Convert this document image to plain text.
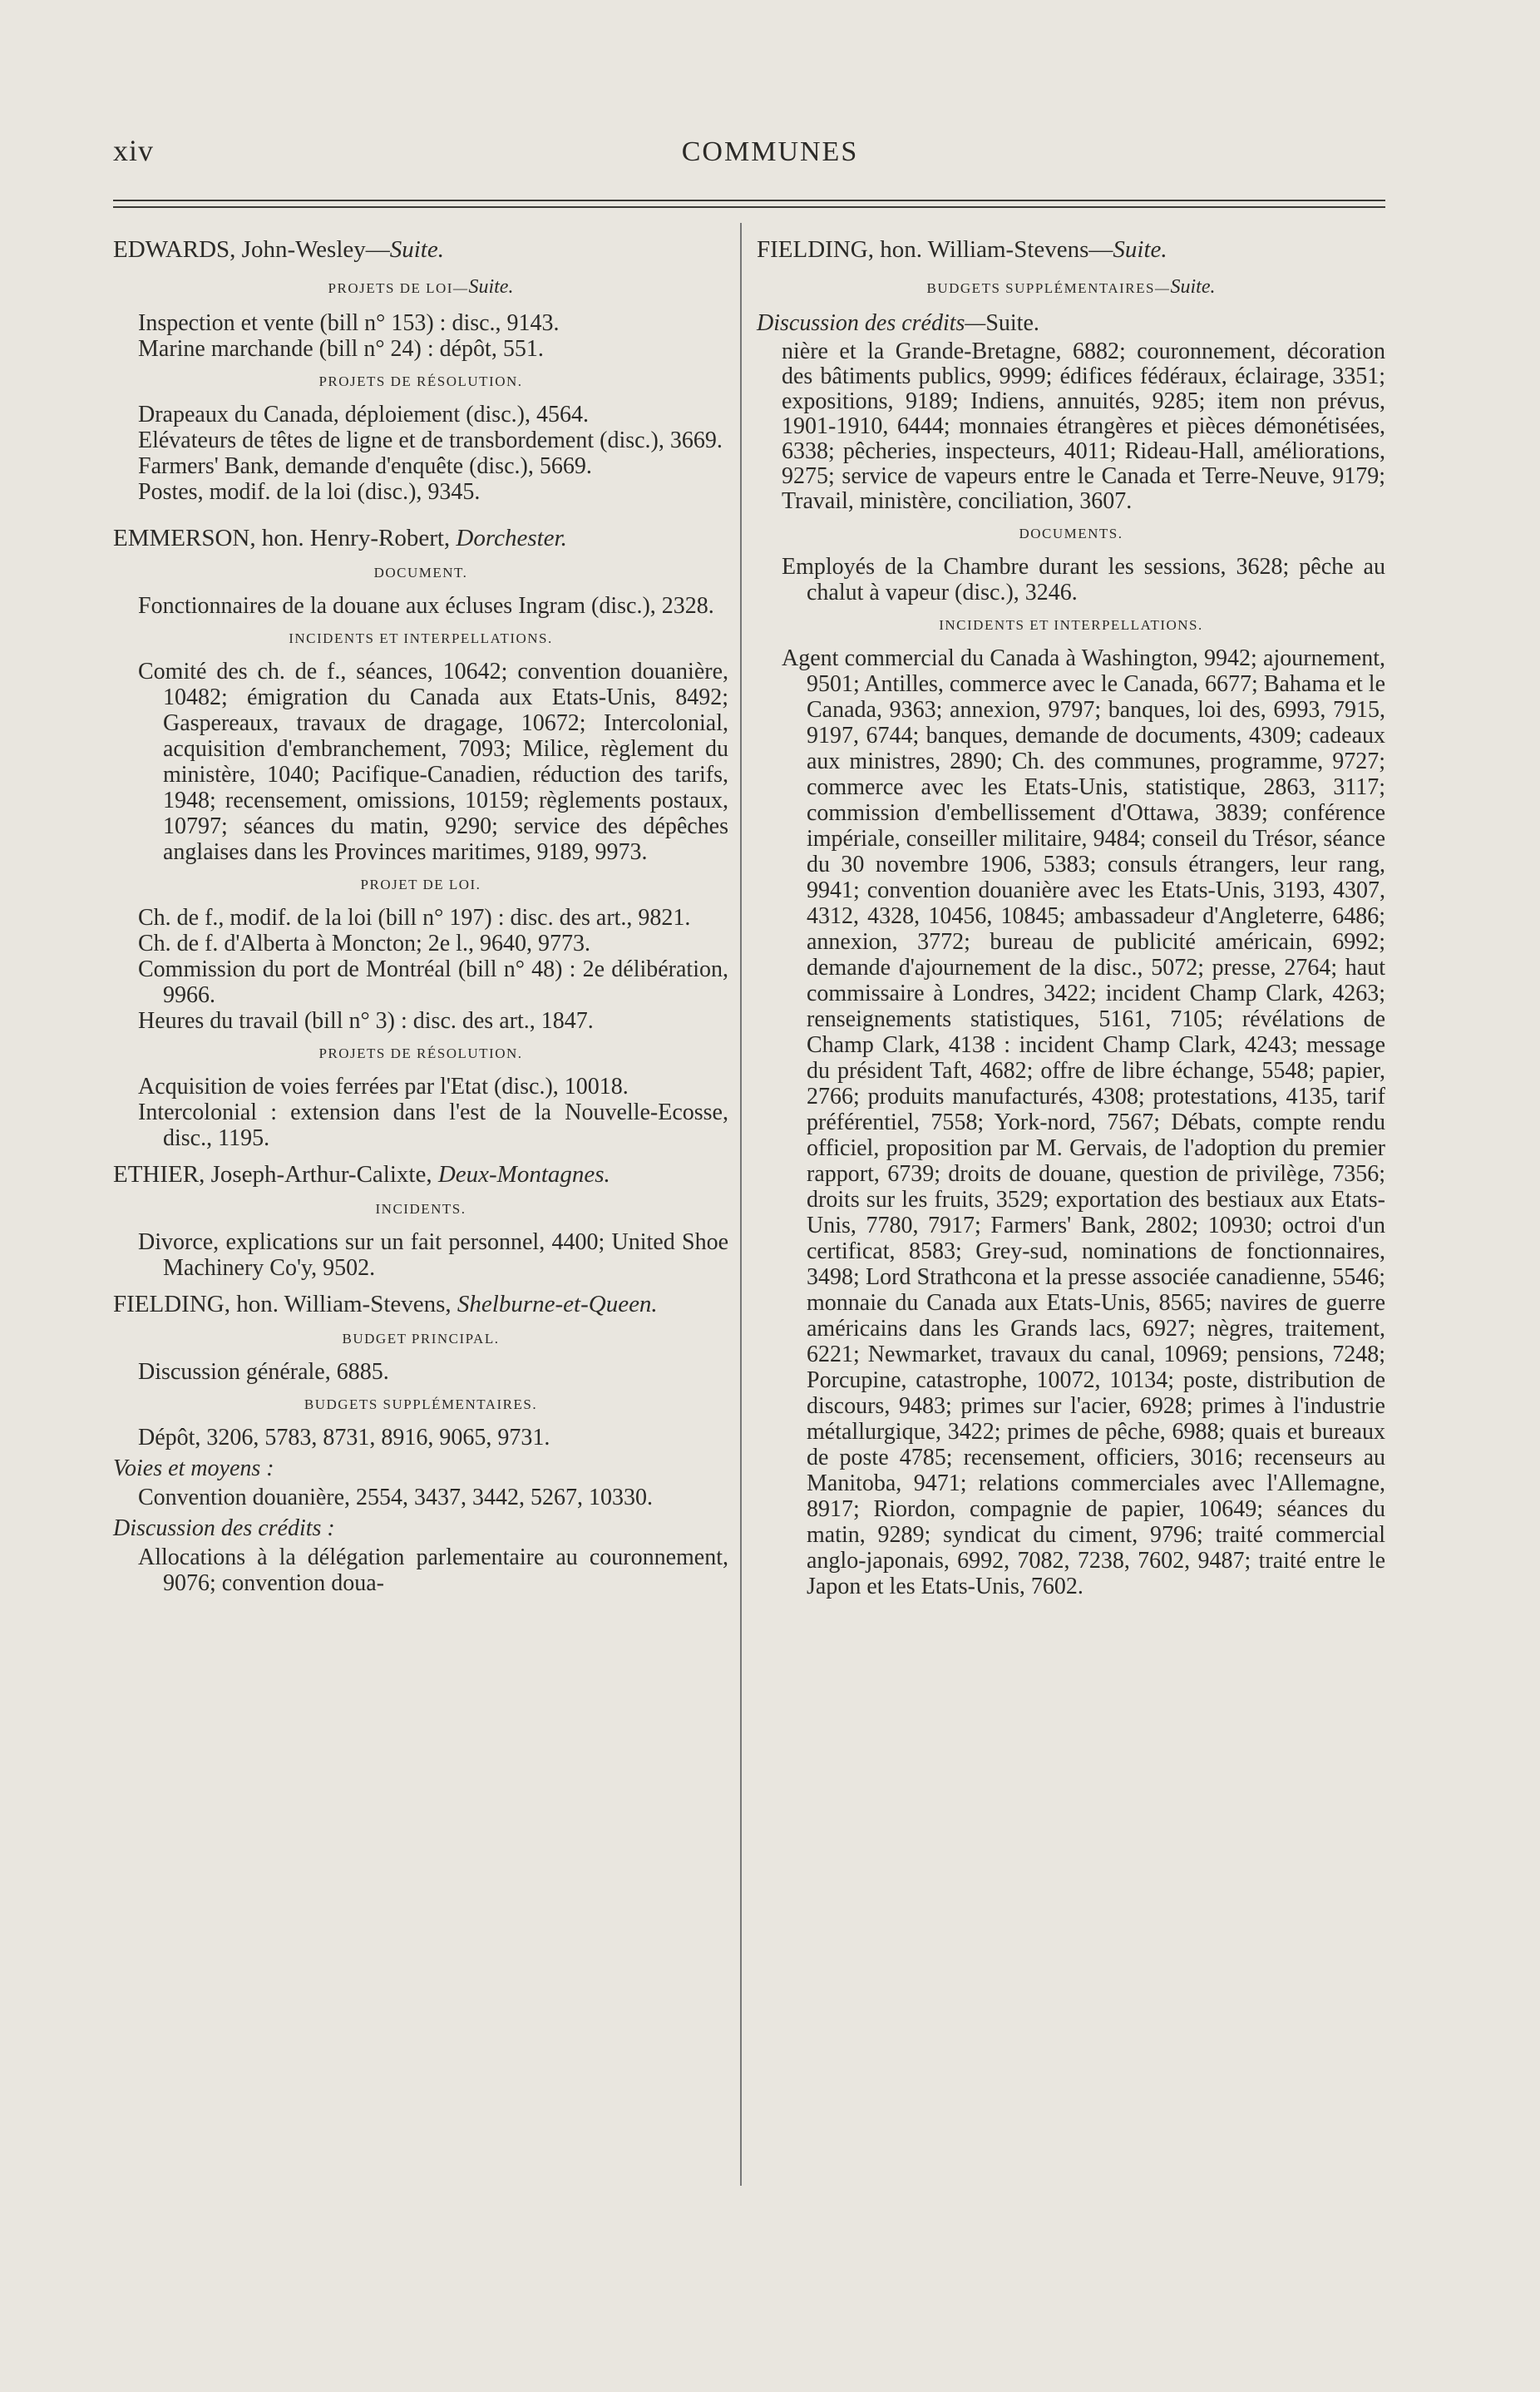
xiv	COMMUNES

EDWARDS, John-Wesley—Suite.

PROJETS DE LOI—Suite.

Inspection et vente (bill n° 153) : disc., 9143.

Marine marchande (bill n° 24) : dépôt, 551.

PROJETS DE RÉSOLUTION.

Drapeaux du Canada, déploiement (disc.), 4564.

Elévateurs de têtes de ligne et de transbordement (disc.), 3669.

Farmers' Bank, demande d'enquête (disc.), 5669.

Postes, modif. de la loi (disc.), 9345.

EMMERSON, hon. Henry-Robert, Dorchester.

DOCUMENT.

Fonctionnaires de la douane aux écluses Ingram (disc.), 2328.

INCIDENTS ET INTERPELLATIONS.

Comité des ch. de f., séances, 10642; convention douanière, 10482; émigration du Canada aux Etats-Unis, 8492; Gaspereaux, travaux de dragage, 10672; Intercolonial, acquisition d'embranchement, 7093; Milice, règlement du ministère, 1040; Pacifique-Canadien, réduction des tarifs, 1948; recensement, omissions, 10159; règlements postaux, 10797; séances du matin, 9290; service des dépêches anglaises dans les Provinces maritimes, 9189, 9973.

PROJET DE LOI.

Ch. de f., modif. de la loi (bill n° 197) : disc. des art., 9821.

Ch. de f. d'Alberta à Moncton; 2e l., 9640, 9773.

Commission du port de Montréal (bill n° 48) : 2e délibération, 9966.

Heures du travail (bill n° 3) : disc. des art., 1847.

PROJETS DE RÉSOLUTION.

Acquisition de voies ferrées par l'Etat (disc.), 10018.

Intercolonial : extension dans l'est de la Nouvelle-Ecosse, disc., 1195.

ETHIER, Joseph-Arthur-Calixte, Deux-Montagnes.

INCIDENTS.

Divorce, explications sur un fait personnel, 4400; United Shoe Machinery Co'y, 9502.

FIELDING, hon. William-Stevens, Shelburne-et-Queen.

BUDGET PRINCIPAL.

Discussion générale, 6885.

BUDGETS SUPPLÉMENTAIRES.

Dépôt, 3206, 5783, 8731, 8916, 9065, 9731.

Voies et moyens :

Convention douanière, 2554, 3437, 3442, 5267, 10330.

Discussion des crédits :

Allocations à la délégation parlementaire au couronnement, 9076; convention doua-

FIELDING, hon. William-Stevens—Suite.

BUDGETS SUPPLÉMENTAIRES—Suite.

Discussion des crédits—Suite.

nière et la Grande-Bretagne, 6882; couronnement, décoration des bâtiments publics, 9999; édifices fédéraux, éclairage, 3351; expositions, 9189; Indiens, annuités, 9285; item non prévus, 1901-1910, 6444; monnaies étrangères et pièces démonétisées, 6338; pêcheries, inspecteurs, 4011; Rideau-Hall, améliorations, 9275; service de vapeurs entre le Canada et Terre-Neuve, 9179; Travail, ministère, conciliation, 3607.

DOCUMENTS.

Employés de la Chambre durant les sessions, 3628; pêche au chalut à vapeur (disc.), 3246.

INCIDENTS ET INTERPELLATIONS.

Agent commercial du Canada à Washington, 9942; ajournement, 9501; Antilles, commerce avec le Canada, 6677; Bahama et le Canada, 9363; annexion, 9797; banques, loi des, 6993, 7915, 9197, 6744; banques, demande de documents, 4309; cadeaux aux ministres, 2890; Ch. des communes, programme, 9727; commerce avec les Etats-Unis, statistique, 2863, 3117; commission d'embellissement d'Ottawa, 3839; conférence impériale, conseiller militaire, 9484; conseil du Trésor, séance du 30 novembre 1906, 5383; consuls étrangers, leur rang, 9941; convention douanière avec les Etats-Unis, 3193, 4307, 4312, 4328, 10456, 10845; ambassadeur d'Angleterre, 6486; annexion, 3772; bureau de publicité américain, 6992; demande d'ajournement de la disc., 5072; presse, 2764; haut commissaire à Londres, 3422; incident Champ Clark, 4263; renseignements statistiques, 5161, 7105; révélations de Champ Clark, 4138 : incident Champ Clark, 4243; message du président Taft, 4682; offre de libre échange, 5548; papier, 2766; produits manufacturés, 4308; protestations, 4135, tarif préférentiel, 7558; York-nord, 7567; Débats, compte rendu officiel, proposition par M. Gervais, de l'adoption du premier rapport, 6739; droits de douane, question de privilège, 7356; droits sur les fruits, 3529; exportation des bestiaux aux Etats-Unis, 7780, 7917; Farmers' Bank, 2802; 10930; octroi d'un certificat, 8583; Grey-sud, nominations de fonctionnaires, 3498; Lord Strathcona et la presse associée canadienne, 5546; monnaie du Canada aux Etats-Unis, 8565; navires de guerre américains dans les Grands lacs, 6927; nègres, traitement, 6221; Newmarket, travaux du canal, 10969; pensions, 7248; Porcupine, catastrophe, 10072, 10134; poste, distribution de discours, 9483; primes sur l'acier, 6928; primes à l'industrie métallurgique, 3422; primes de pêche, 6988; quais et bureaux de poste 4785; recensement, officiers, 3016; recenseurs au Manitoba, 9471; relations commerciales avec l'Allemagne, 8917; Riordon, compagnie de papier, 10649; séances du matin, 9289; syndicat du ciment, 9796; traité commercial anglo-japonais, 6992, 7082, 7238, 7602, 9487; traité entre le Japon et les Etats-Unis, 7602.
